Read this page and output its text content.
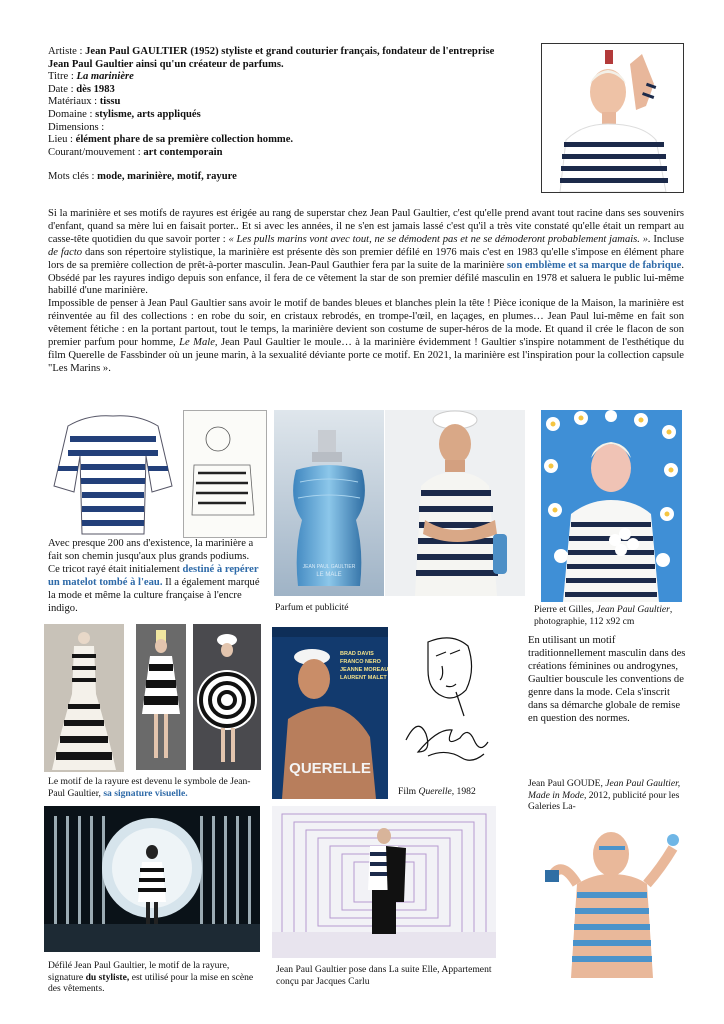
Artiste : Jean Paul GAULTIER (1952) styliste et grand couturier français, fondateur de l'entreprise Jean Paul Gaultier ainsi qu'un créateur de parfums.
Titre : La marinière
Date : dès 1983
Matériaux : tissu
Domaine : stylisme, arts appliqués
Dimensions :
Lieu : élément phare de sa première collection homme.
Courant/mouvement : art contemporain
Mots clés : mode, marinière, motif, rayure
Si la marinière et ses motifs de rayures est érigée au rang de superstar chez Jean Paul Gaultier, c'est qu'elle prend avant tout racine dans ses souvenirs d'enfant, quand sa mère lui en faisait porter.. Et si avec les années, il ne s'en est jamais lassé c'est qu'il a très vite constaté qu'elle était un rempart au casse-tête quotidien du que savoir porter : « Les pulls marins vont avec tout, ne se démodent pas et ne se démoderont probablement jamais. ». Incluse de facto dans son répertoire stylistique, la marinière est présente dès son premier défilé en 1976 mais c'est en 1983 qu'elle s'impose en élément phare lors de sa première collection de prêt-à-porter masculin. Jean-Paul Gauthier fera par la suite de la marinière son emblème et sa marque de fabrique. Obsédé par les rayures indigo depuis son enfance, il fera de ce vêtement la star de son premier défilé masculin en 1978 et saluera le public lui-même habillé d'une marinière.
Impossible de penser à Jean Paul Gaultier sans avoir le motif de bandes bleues et blanches plein la tête ! Pièce iconique de la Maison, la marinière est réinventée au fil des collections : en robe du soir, en cristaux rebrodés, en trompe-l'œil, en laçages, en plumes… Jean Paul lui-même en fait son vêtement fétiche : en la portant partout, tout le temps, la marinière devient son costume de super-héros de la mode. Et quand il crée le flacon de son premier parfum pour homme, Le Male, Jean Paul Gaultier le moule… à la marinière évidemment ! Gaultier s'inspire notamment de l'esthétique du film Querelle de Fassbinder où un jeune marin, à la sexualité déviante porte ce motif. En 2021, la marinière est l'inspiration pour la collection capsule "Les Marins ».
JEAN PAUL GAULTIER
LE MALE
Avec presque 200 ans d'existence, la marinière a fait son chemin jusqu'aux plus grands podiums. Ce tricot rayé était initialement destiné à repérer un matelot tombé à l'eau. Il a également marqué la mode et même la culture française à l'encre indigo.	Parfum et publicité	Pierre et Gilles, Jean Paul Gaultier, photographie, 112 x92 cm
En utilisant un motif traditionnellement masculin dans des créations féminines ou androgynes, Gaultier bouscule les conventions de genre dans la mode. Cela s'inscrit dans sa démarche globale de remise en question des normes.
BRAD DAVIS
FRANCO NERO
JEANNE MOREAU
LAURENT MALET
QUERELLE
Le motif de la rayure est devenu le symbole de Jean-Paul Gaultier, sa signature visuelle.	Film Querelle, 1982
Jean Paul GOUDE, Jean Paul Gaultier, Made in Mode, 2012, publicité pour les Galeries La-
Défilé Jean Paul Gaultier, le motif de la rayure, signature du styliste, est utilisé pour la mise en scène des vêtements.
Jean Paul Gaultier pose dans La suite Elle, Appartement conçu par Jacques Carlu
